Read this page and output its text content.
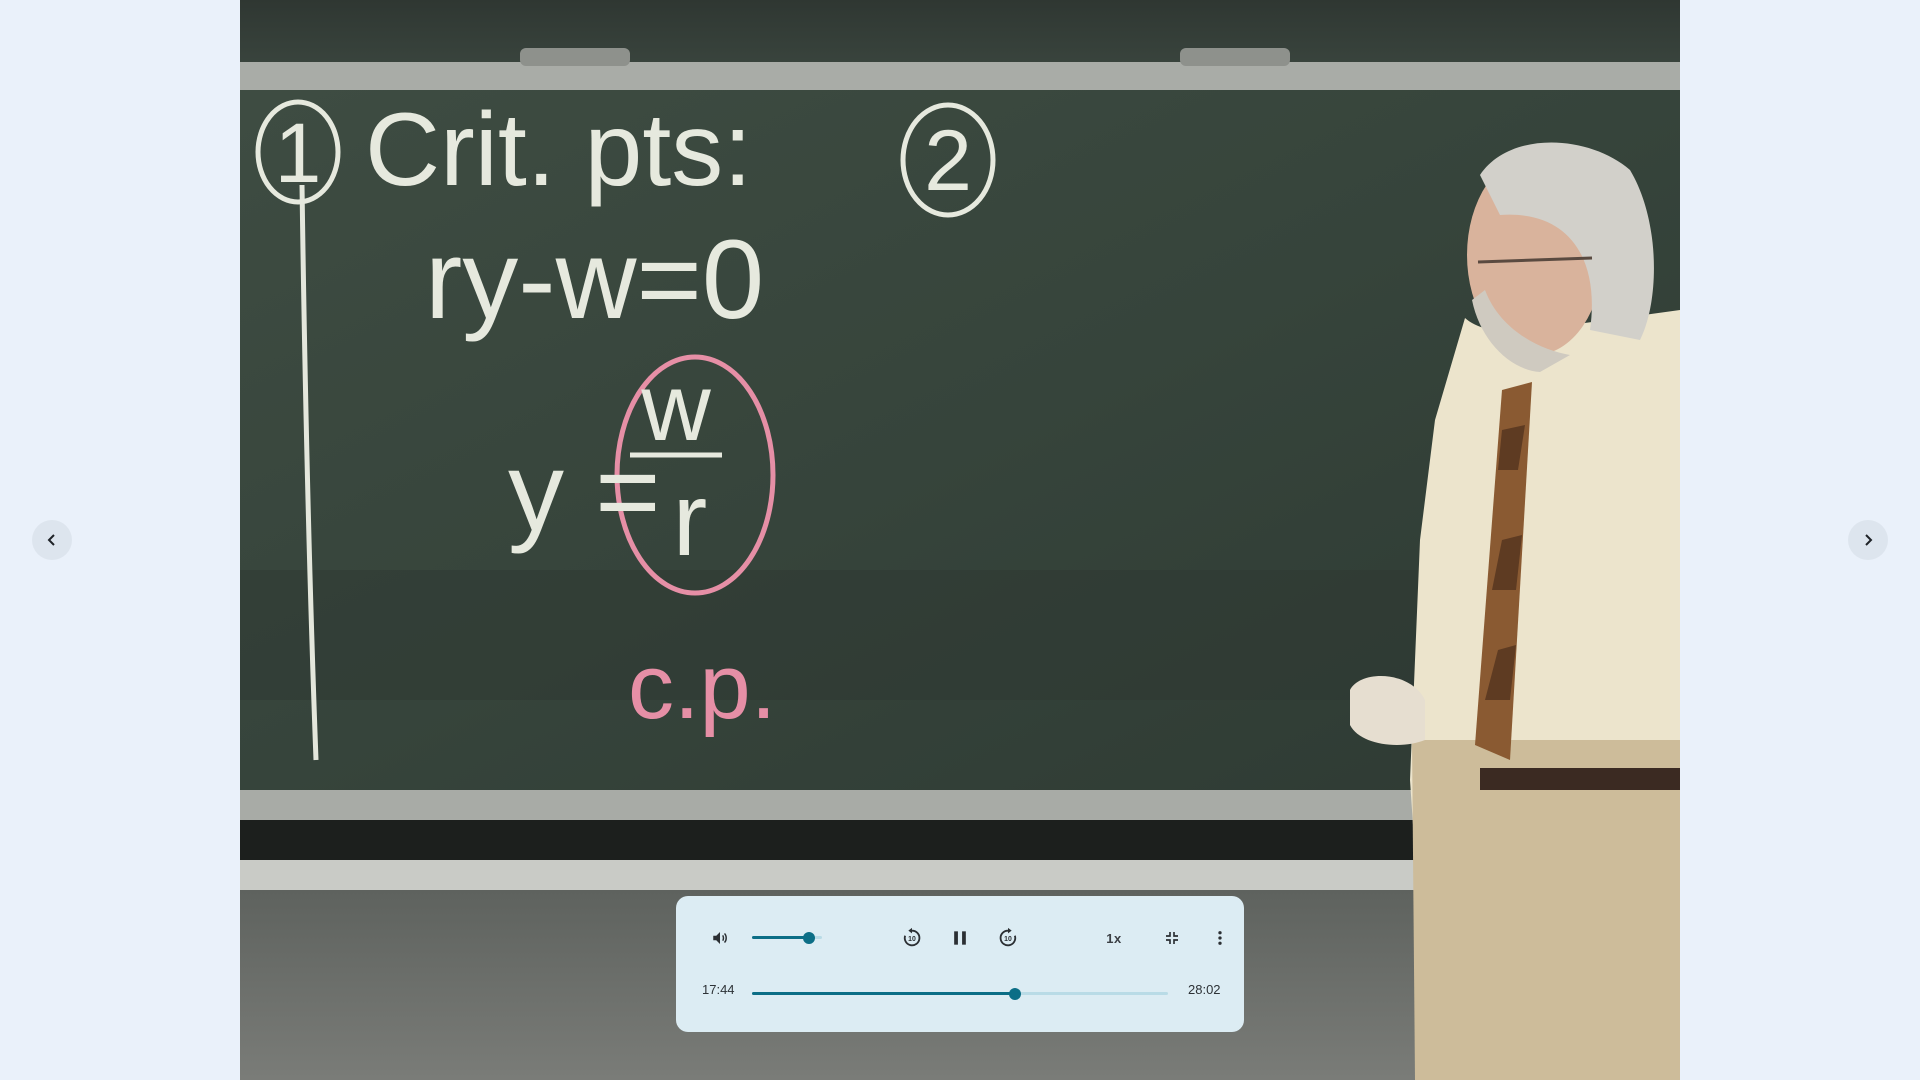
1 Crit. pts: 2
ry-w=0
y =
w
r
c.p.
10	10	1x
17:44	28:02
